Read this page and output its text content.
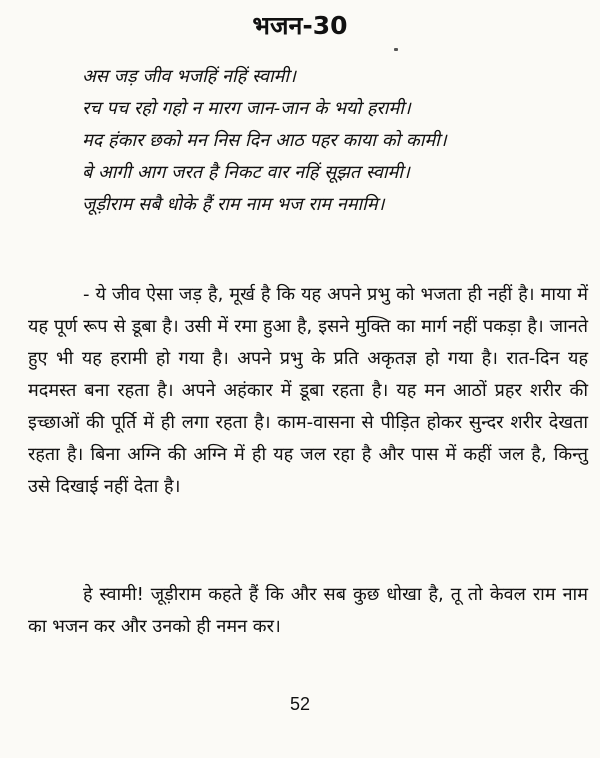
भजन-30
अस जड़ जीव भजहिं नहिं स्वामी।
रच पच रहो गहो न मारग जान-जान के भयो हरामी।
मद हंकार छको मन निस दिन आठ पहर काया को कामी।
बे आगी आग जरत है निकट वार नहिं सूझत स्वामी।
जूड़ीराम सबै धोके हैं राम नाम भज राम नमामि।

- ये जीव ऐसा जड़ है, मूर्ख है कि यह अपने प्रभु को भजता ही नहीं है। माया में यह पूर्ण रूप से डूबा है। उसी में रमा हुआ है, इसने मुक्ति का मार्ग नहीं पकड़ा है। जानते हुए भी यह हरामी हो गया है। अपने प्रभु के प्रति अकृतज्ञ हो गया है। रात-दिन यह मदमस्त बना रहता है। अपने अहंकार में डूबा रहता है। यह मन आठों प्रहर शरीर की इच्छाओं की पूर्ति में ही लगा रहता है। काम-वासना से पीड़ित होकर सुन्दर शरीर देखता रहता है। बिना अग्नि की अग्नि में ही यह जल रहा है और पास में कहीं जल है, किन्तु उसे दिखाई नहीं देता है।

हे स्वामी! जूड़ीराम कहते हैं कि और सब कुछ धोखा है, तू तो केवल राम नाम का भजन कर और उनको ही नमन कर।

52
